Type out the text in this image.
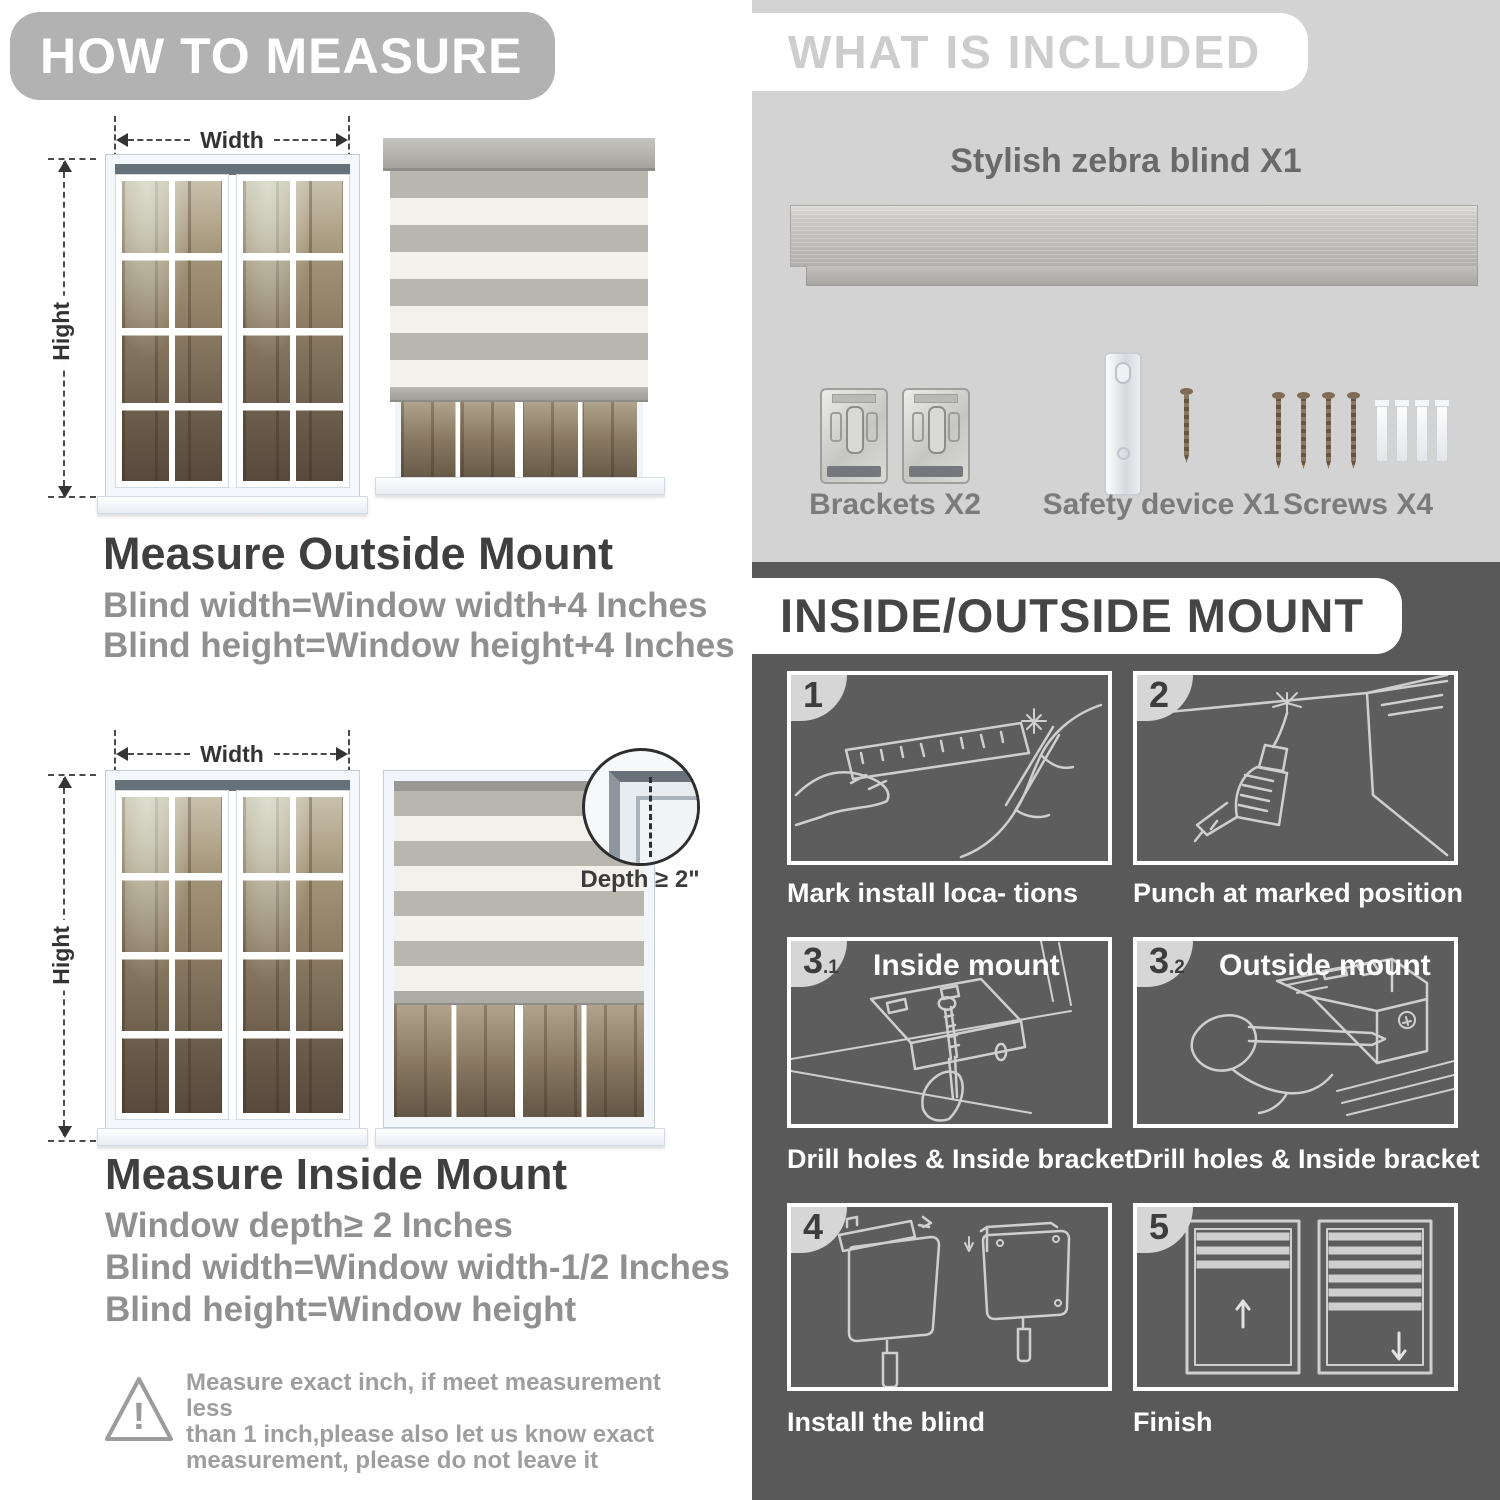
HOW TO MEASURE
Width
Hight
Measure Outside Mount
Blind width=Window width+4 Inches
Blind height=Window height+4 Inches
Width
Hight
Depth ≥ 2"
Measure Inside Mount
Window depth≥ 2 Inches
Blind width=Window width-1/2 Inches
Blind height=Window height
!
Measure exact inch, if meet measurement less
than 1 inch,please also let us know exact
measurement, please do not leave it
WHAT IS INCLUDED
Stylish zebra blind X1
Brackets X2	Safety device X1 Screws X4
INSIDE/OUTSIDE MOUNT
1
Mark install loca- tions
2
Punch at marked position
3.1 Inside mount
Drill holes & Inside bracket
3.2 Outside mount
Drill holes & Inside bracket
4
Install the blind
5
Finish
